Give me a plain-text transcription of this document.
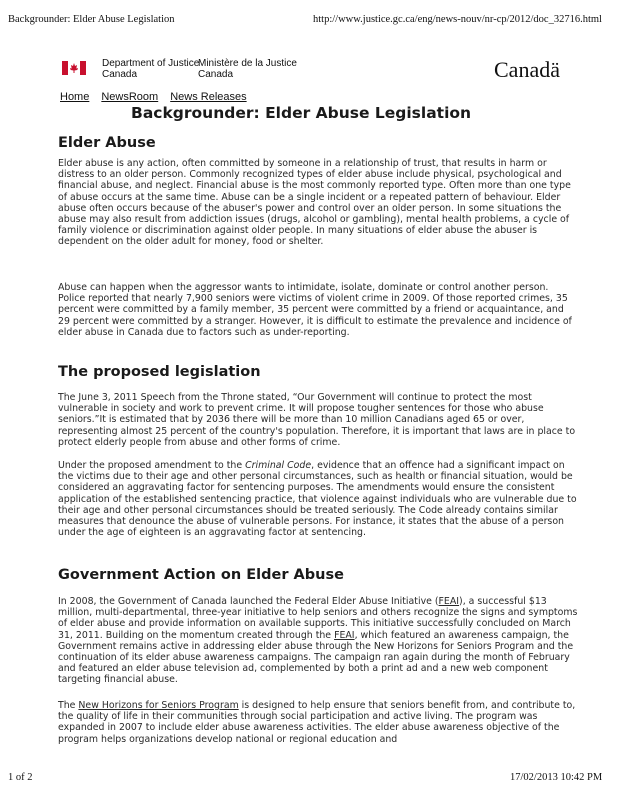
Backgrounder: Elder Abuse Legislation	http://www.justice.gc.ca/eng/news-nouv/nr-cp/2012/doc_32716.html
Department of Justice
Canada
Ministère de la Justice
Canada	Canadä
Home NewsRoom News Releases
Backgrounder: Elder Abuse Legislation
Elder Abuse

Elder abuse is any action, often committed by someone in a relationship of trust, that results in harm or distress to an older person. Commonly recognized types of elder abuse include physical, psychological and financial abuse, and neglect. Financial abuse is the most commonly reported type. Often more than one type of abuse occurs at the same time. Abuse can be a single incident or a repeated pattern of behaviour. Elder abuse often occurs because of the abuser's power and control over an older person. In some situations the abuse may also result from addiction issues (drugs, alcohol or gambling), mental health problems, a cycle of family violence or discrimination against older people. In many situations of elder abuse the abuser is dependent on the older adult for money, food or shelter.

Abuse can happen when the aggressor wants to intimidate, isolate, dominate or control another person. Police reported that nearly 7,900 seniors were victims of violent crime in 2009. Of those reported crimes, 35 percent were committed by a family member, 35 percent were committed by a friend or acquaintance, and 29 percent were committed by a stranger. However, it is difficult to estimate the prevalence and incidence of elder abuse in Canada due to factors such as under-reporting.

The proposed legislation

The June 3, 2011 Speech from the Throne stated, “Our Government will continue to protect the most vulnerable in society and work to prevent crime. It will propose tougher sentences for those who abuse seniors.”It is estimated that by 2036 there will be more than 10 million Canadians aged 65 or over, representing almost 25 percent of the country's population. Therefore, it is important that laws are in place to protect elderly people from abuse and other forms of crime.

Under the proposed amendment to the Criminal Code, evidence that an offence had a significant impact on the victims due to their age and other personal circumstances, such as health or financial situation, would be considered an aggravating factor for sentencing purposes. The amendments would ensure the consistent application of the established sentencing practice, that violence against individuals who are vulnerable due to their age and other personal circumstances should be treated seriously. The Code already contains similar measures that denounce the abuse of vulnerable persons. For instance, it states that the abuse of a person under the age of eighteen is an aggravating factor at sentencing.

Government Action on Elder Abuse

In 2008, the Government of Canada launched the Federal Elder Abuse Initiative (FEAI), a successful $13 million, multi-departmental, three-year initiative to help seniors and others recognize the signs and symptoms of elder abuse and provide information on available supports. This initiative successfully concluded on March 31, 2011. Building on the momentum created through the FEAI, which featured an awareness campaign, the Government remains active in addressing elder abuse through the New Horizons for Seniors Program and the continuation of its elder abuse awareness campaigns. The campaign ran again during the month of February and featured an elder abuse television ad, complemented by both a print ad and a new web component targeting financial abuse.

The New Horizons for Seniors Program is designed to help ensure that seniors benefit from, and contribute to, the quality of life in their communities through social participation and active living. The program was expanded in 2007 to include elder abuse awareness activities. The elder abuse awareness objective of the program helps organizations develop national or regional education and

1 of 2	17/02/2013 10:42 PM
